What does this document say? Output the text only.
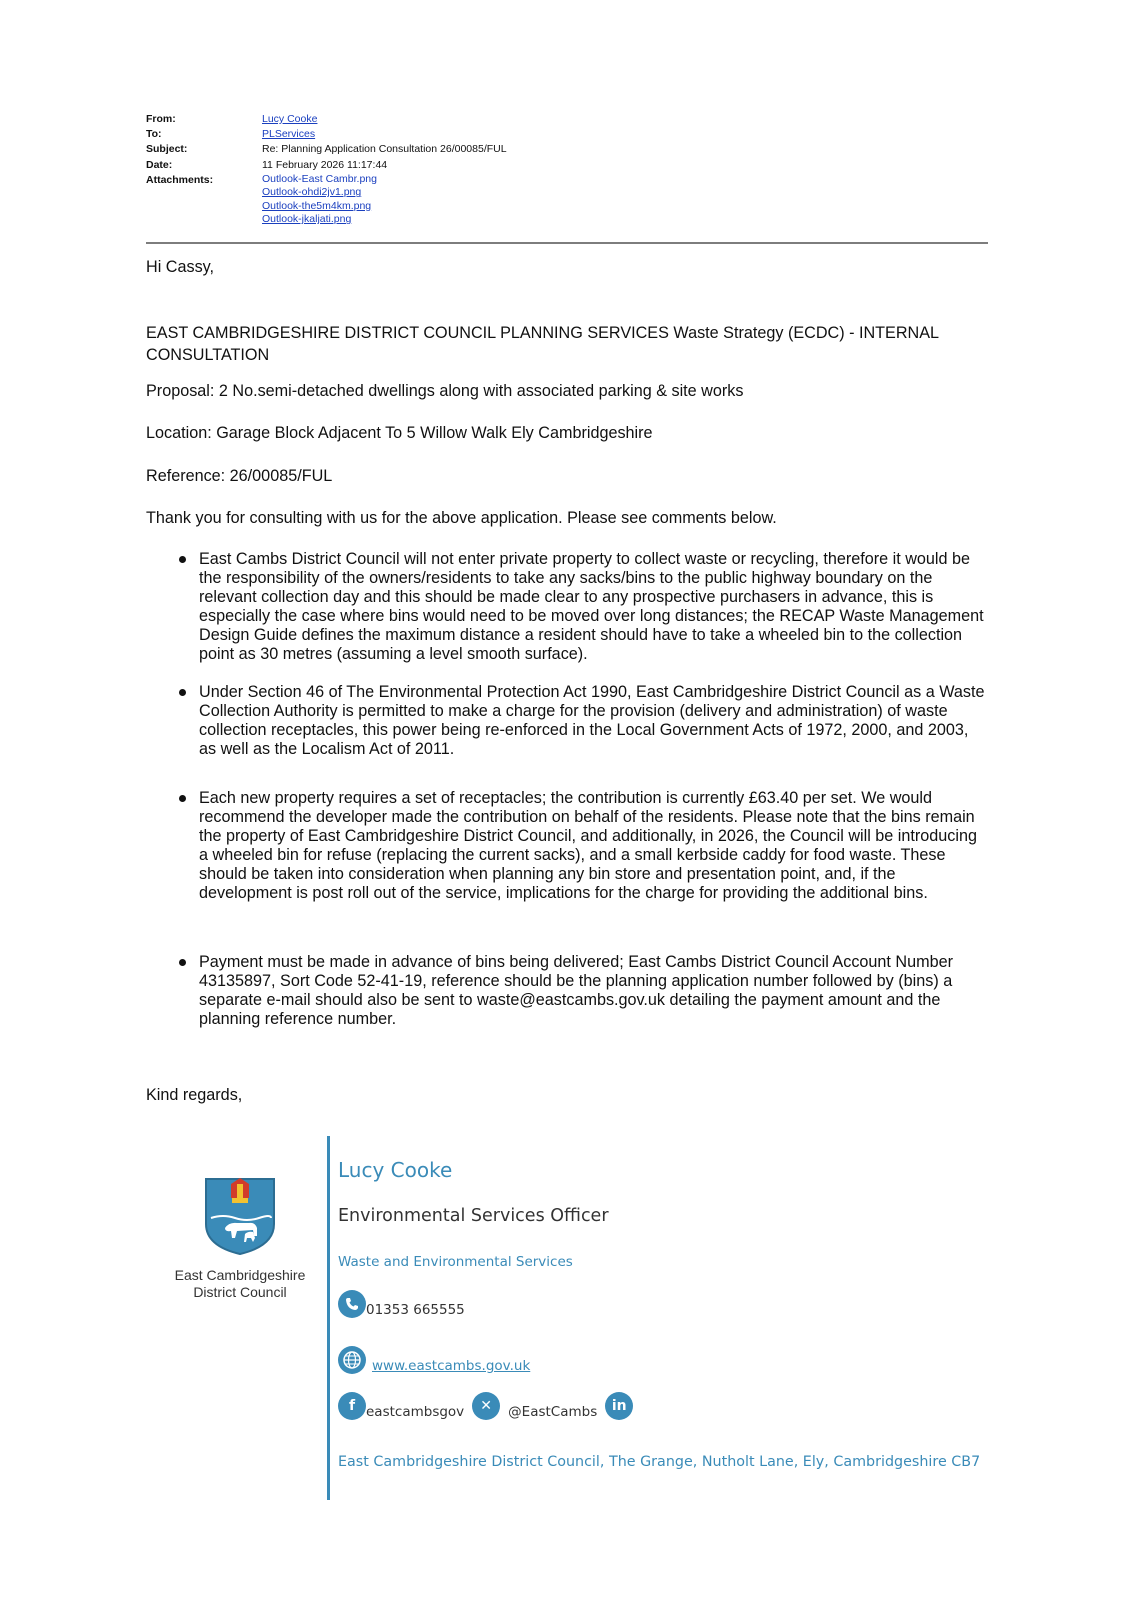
From:	Lucy Cooke
To:	PLServices
Subject:	Re: Planning Application Consultation 26/00085/FUL
Date:	11 February 2026 11:17:44
Attachments:	Outlook-East Cambr.png
Outlook-ohdi2jv1.png
Outlook-the5m4km.png
Outlook-jkaljati.png

Hi Cassy,

EAST CAMBRIDGESHIRE DISTRICT COUNCIL PLANNING SERVICES Waste Strategy (ECDC) - INTERNAL CONSULTATION

Proposal: 2 No.semi-detached dwellings along with associated parking & site works

Location: Garage Block Adjacent To 5 Willow Walk Ely Cambridgeshire

Reference: 26/00085/FUL

Thank you for consulting with us for the above application. Please see comments below.

East Cambs District Council will not enter private property to collect waste or recycling, therefore it would be the responsibility of the owners/residents to take any sacks/bins to the public highway boundary on the relevant collection day and this should be made clear to any prospective purchasers in advance, this is especially the case where bins would need to be moved over long distances; the RECAP Waste Management Design Guide defines the maximum distance a resident should have to take a wheeled bin to the collection point as 30 metres (assuming a level smooth surface).
Under Section 46 of The Environmental Protection Act 1990, East Cambridgeshire District Council as a Waste Collection Authority is permitted to make a charge for the provision (delivery and administration) of waste collection receptacles, this power being re-enforced in the Local Government Acts of 1972, 2000, and 2003, as well as the Localism Act of 2011.
Each new property requires a set of receptacles; the contribution is currently £63.40 per set. We would recommend the developer made the contribution on behalf of the residents. Please note that the bins remain the property of East Cambridgeshire District Council, and additionally, in 2026, the Council will be introducing a wheeled bin for refuse (replacing the current sacks), and a small kerbside caddy for food waste. These should be taken into consideration when planning any bin store and presentation point, and, if the development is post roll out of the service, implications for the charge for providing the additional bins.
Payment must be made in advance of bins being delivered; East Cambs District Council Account Number 43135897, Sort Code 52-41-19, reference should be the planning application number followed by (bins) a separate e-mail should also be sent to waste@eastcambs.gov.uk detailing the payment amount and the planning reference number.

Kind regards,

East Cambridgeshire
District Council
Lucy Cooke
Environmental Services Officer
Waste and Environmental Services
01353 665555
www.eastcambs.gov.uk
f eastcambsgov	✕	@EastCambs	in
East Cambridgeshire District Council, The Grange, Nutholt Lane, Ely, Cambridgeshire CB7
